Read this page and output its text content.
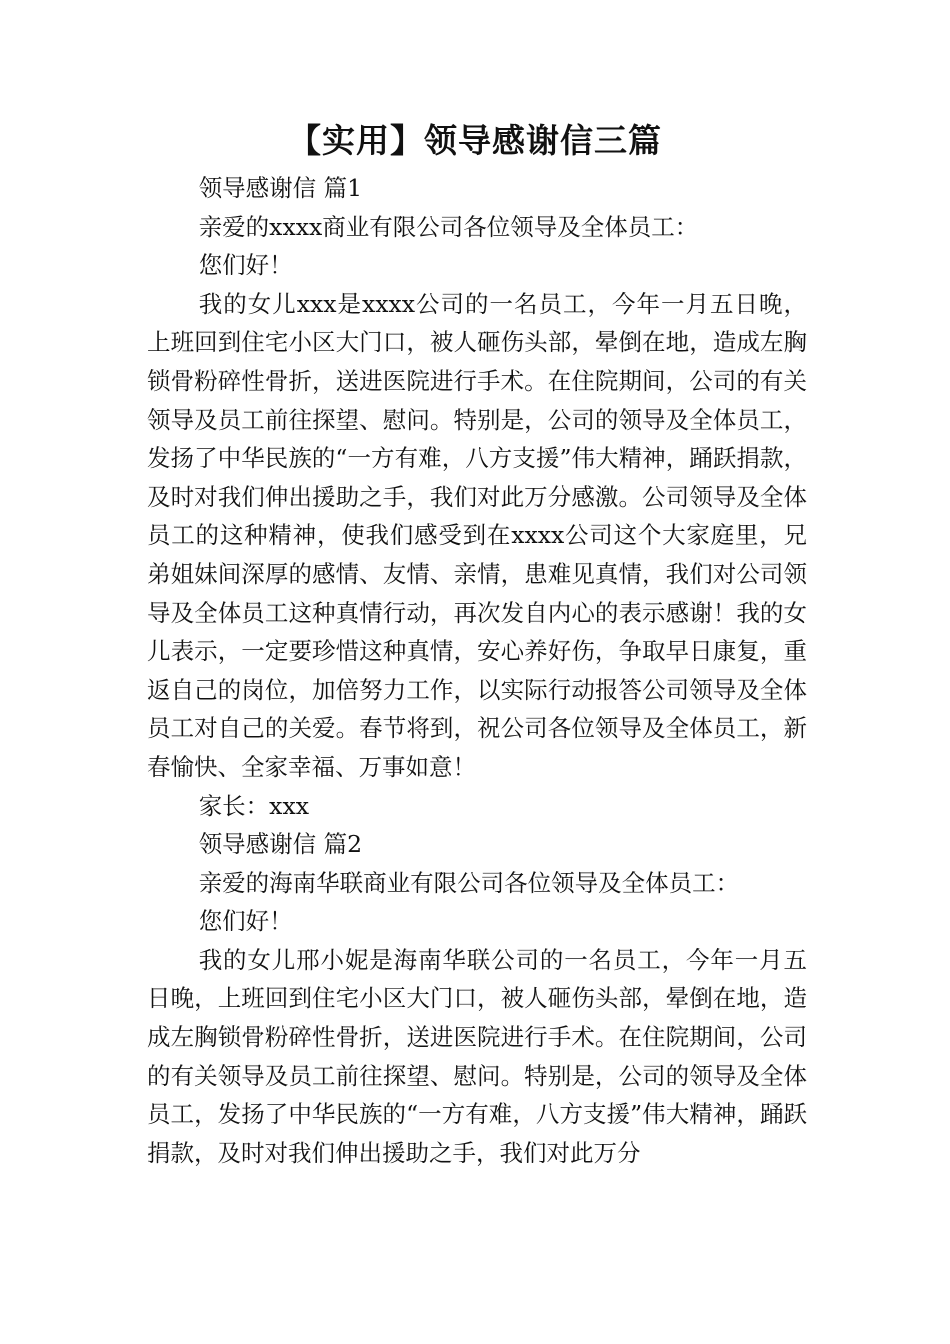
【实用】领导感谢信三篇

领导感谢信 篇1

亲爱的xxxx商业有限公司各位领导及全体员工：

您们好！

我的女儿xxx是xxxx公司的一名员工，今年一月五日晚，上班回到住宅小区大门口，被人砸伤头部，晕倒在地，造成左胸锁骨粉碎性骨折，送进医院进行手术。在住院期间，公司的有关领导及员工前往探望、慰问。特别是，公司的领导及全体员工，发扬了中华民族的“一方有难，八方支援”伟大精神，踊跃捐款，及时对我们伸出援助之手，我们对此万分感激。公司领导及全体员工的这种精神，使我们感受到在xxxx公司这个大家庭里，兄弟姐妹间深厚的感情、友情、亲情，患难见真情，我们对公司领导及全体员工这种真情行动，再次发自内心的表示感谢！我的女儿表示，一定要珍惜这种真情，安心养好伤，争取早日康复，重返自己的岗位，加倍努力工作，以实际行动报答公司领导及全体员工对自己的关爱。春节将到，祝公司各位领导及全体员工，新春愉快、全家幸福、万事如意！

家长：xxx

领导感谢信 篇2

亲爱的海南华联商业有限公司各位领导及全体员工：

您们好！

我的女儿邢小妮是海南华联公司的一名员工，今年一月五日晚，上班回到住宅小区大门口，被人砸伤头部，晕倒在地，造成左胸锁骨粉碎性骨折，送进医院进行手术。在住院期间，公司的有关领导及员工前往探望、慰问。特别是，公司的领导及全体员工，发扬了中华民族的“一方有难，八方支援”伟大精神，踊跃捐款，及时对我们伸出援助之手，我们对此万分
